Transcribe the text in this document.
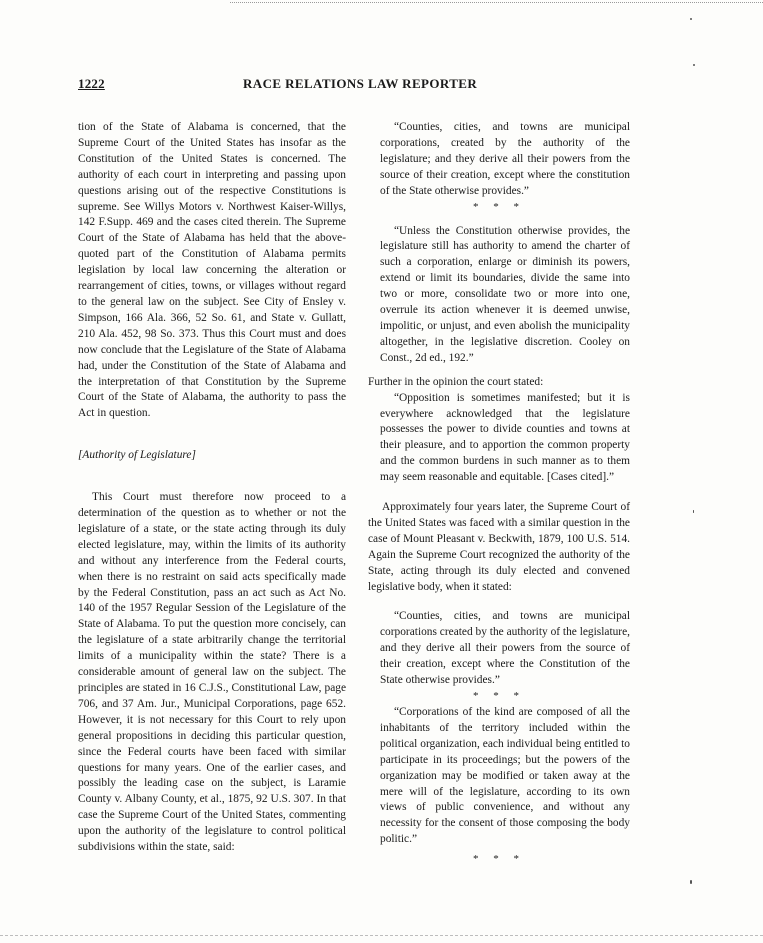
1222	RACE RELATIONS LAW REPORTER

tion of the State of Alabama is concerned, that the Supreme Court of the United States has insofar as the Constitution of the United States is concerned. The authority of each court in interpreting and passing upon questions arising out of the respective Constitutions is supreme. See Willys Motors v. Northwest Kaiser-Willys, 142 F.Supp. 469 and the cases cited therein. The Supreme Court of the State of Alabama has held that the above-quoted part of the Constitution of Alabama permits legislation by local law concerning the alteration or rearrangement of cities, towns, or villages without regard to the general law on the subject. See City of Ensley v. Simpson, 166 Ala. 366, 52 So. 61, and State v. Gullatt, 210 Ala. 452, 98 So. 373. Thus this Court must and does now conclude that the Legislature of the State of Alabama had, under the Constitution of the State of Alabama and the interpretation of that Constitution by the Supreme Court of the State of Alabama, the authority to pass the Act in question.

[Authority of Legislature]

This Court must therefore now proceed to a determination of the question as to whether or not the legislature of a state, or the state acting through its duly elected legislature, may, within the limits of its authority and without any interference from the Federal courts, when there is no restraint on said acts specifically made by the Federal Constitution, pass an act such as Act No. 140 of the 1957 Regular Session of the Legislature of the State of Alabama. To put the question more concisely, can the legislature of a state arbitrarily change the territorial limits of a municipality within the state? There is a considerable amount of general law on the subject. The principles are stated in 16 C.J.S., Constitutional Law, page 706, and 37 Am. Jur., Municipal Corporations, page 652. However, it is not necessary for this Court to rely upon general propositions in deciding this particular question, since the Federal courts have been faced with similar questions for many years. One of the earlier cases, and possibly the leading case on the subject, is Laramie County v. Albany County, et al., 1875, 92 U.S. 307. In that case the Supreme Court of the United States, commenting upon the authority of the legislature to control political subdivisions within the state, said:

“Counties, cities, and towns are municipal corporations, created by the authority of the legislature; and they derive all their powers from the source of their creation, except where the constitution of the State otherwise provides.”

* * *

“Unless the Constitution otherwise provides, the legislature still has authority to amend the charter of such a corporation, enlarge or diminish its powers, extend or limit its boundaries, divide the same into two or more, consolidate two or more into one, overrule its action whenever it is deemed unwise, impolitic, or unjust, and even abolish the municipality altogether, in the legislative discretion. Cooley on Const., 2d ed., 192.”

Further in the opinion the court stated:

“Opposition is sometimes manifested; but it is everywhere acknowledged that the legislature possesses the power to divide counties and towns at their pleasure, and to apportion the common property and the common burdens in such manner as to them may seem reasonable and equitable. [Cases cited].”

Approximately four years later, the Supreme Court of the United States was faced with a similar question in the case of Mount Pleasant v. Beckwith, 1879, 100 U.S. 514. Again the Supreme Court recognized the authority of the State, acting through its duly elected and convened legislative body, when it stated:

“Counties, cities, and towns are municipal corporations created by the authority of the legislature, and they derive all their powers from the source of their creation, except where the Constitution of the State otherwise provides.”

* * *

“Corporations of the kind are composed of all the inhabitants of the territory included within the political organization, each individual being entitled to participate in its proceedings; but the powers of the organization may be modified or taken away at the mere will of the legislature, according to its own views of public convenience, and without any necessity for the consent of those composing the body politic.”

* * *
